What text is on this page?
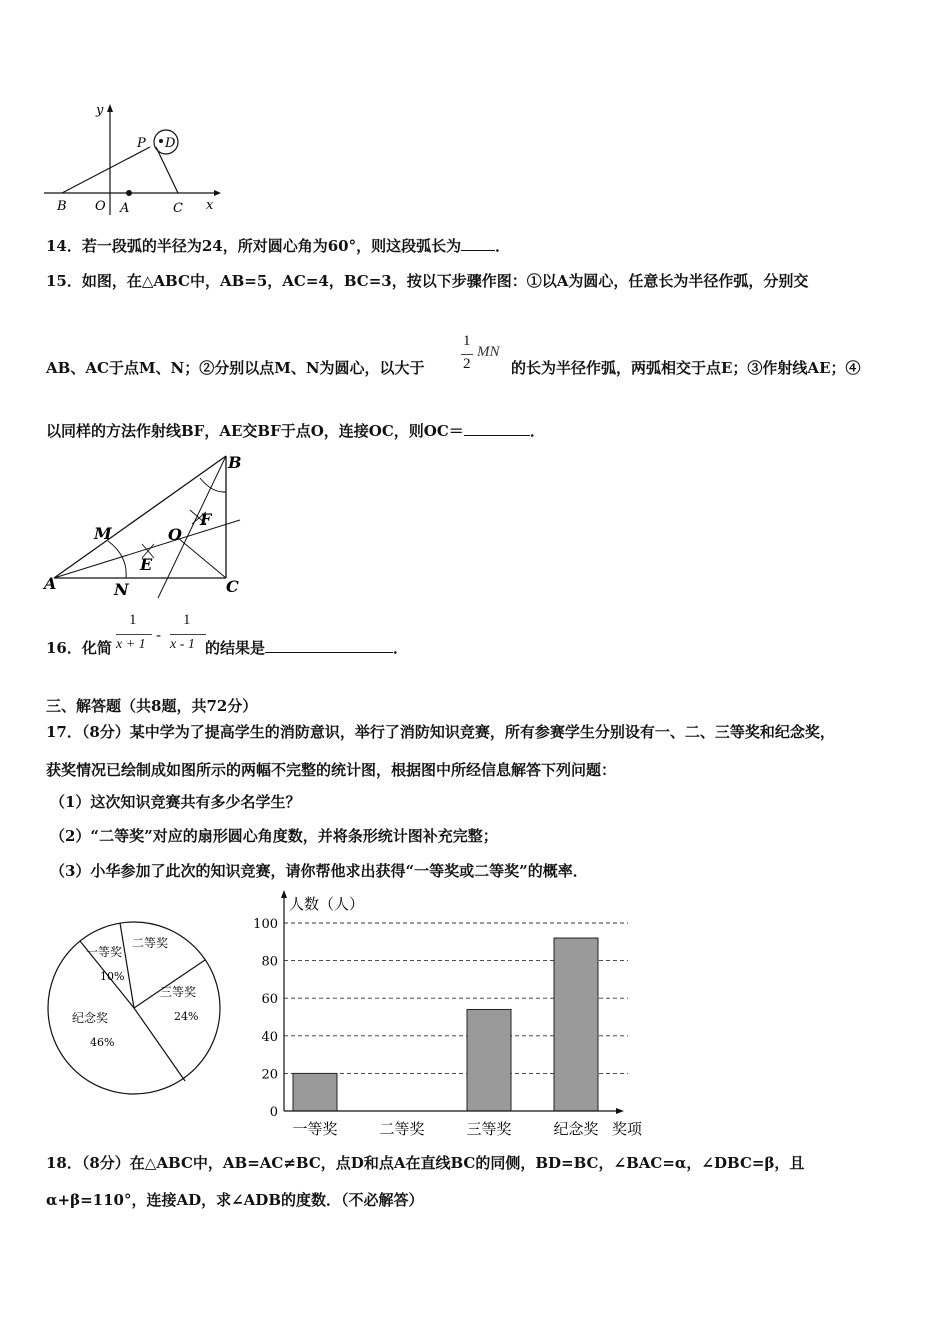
y
x
P D
B O A	C
14．若一段弧的半径为24，所对圆心角为60°，则这段弧长为 ．
15．如图，在△ABC中，AB=5，AC=4，BC=3，按以下步骤作图：①以A为圆心，任意长为半径作弧，分别交
AB、AC于点M、N；②分别以点M、N为圆心，以大于
1
2
MN
的长为半径作弧，两弧相交于点E；③作射线AE；④
以同样的方法作射线BF，AE交BF于点O，连接OC，则OC＝	．
B
M	O
F
E
A	N	C
16．化简
1
x + 1
-
1
x - 1 的结果是	．
三、解答题（共8题，共72分）
17．（8分）某中学为了提高学生的消防意识，举行了消防知识竞赛，所有参赛学生分别设有一、二、三等奖和纪念奖，
获奖情况已绘制成如图所示的两幅不完整的统计图，根据图中所经信息解答下列问题：
（1）这次知识竞赛共有多少名学生？
（2）“二等奖”对应的扇形圆心角度数，并将条形统计图补充完整；
（3）小华参加了此次的知识竞赛，请你帮他求出获得“一等奖或二等奖”的概率．
一等奖
10%
二等奖
三等奖
24%
纪念奖
46%
0
20
40
60
80
100
一等奖	二等奖	三等奖	纪念奖
人数（人）
奖项
18．（8分）在△ABC中，AB=AC≠BC，点D和点A在直线BC的同侧，BD=BC，∠BAC=α，∠DBC=β，且
α+β=110°，连接AD，求∠ADB的度数．（不必解答）
